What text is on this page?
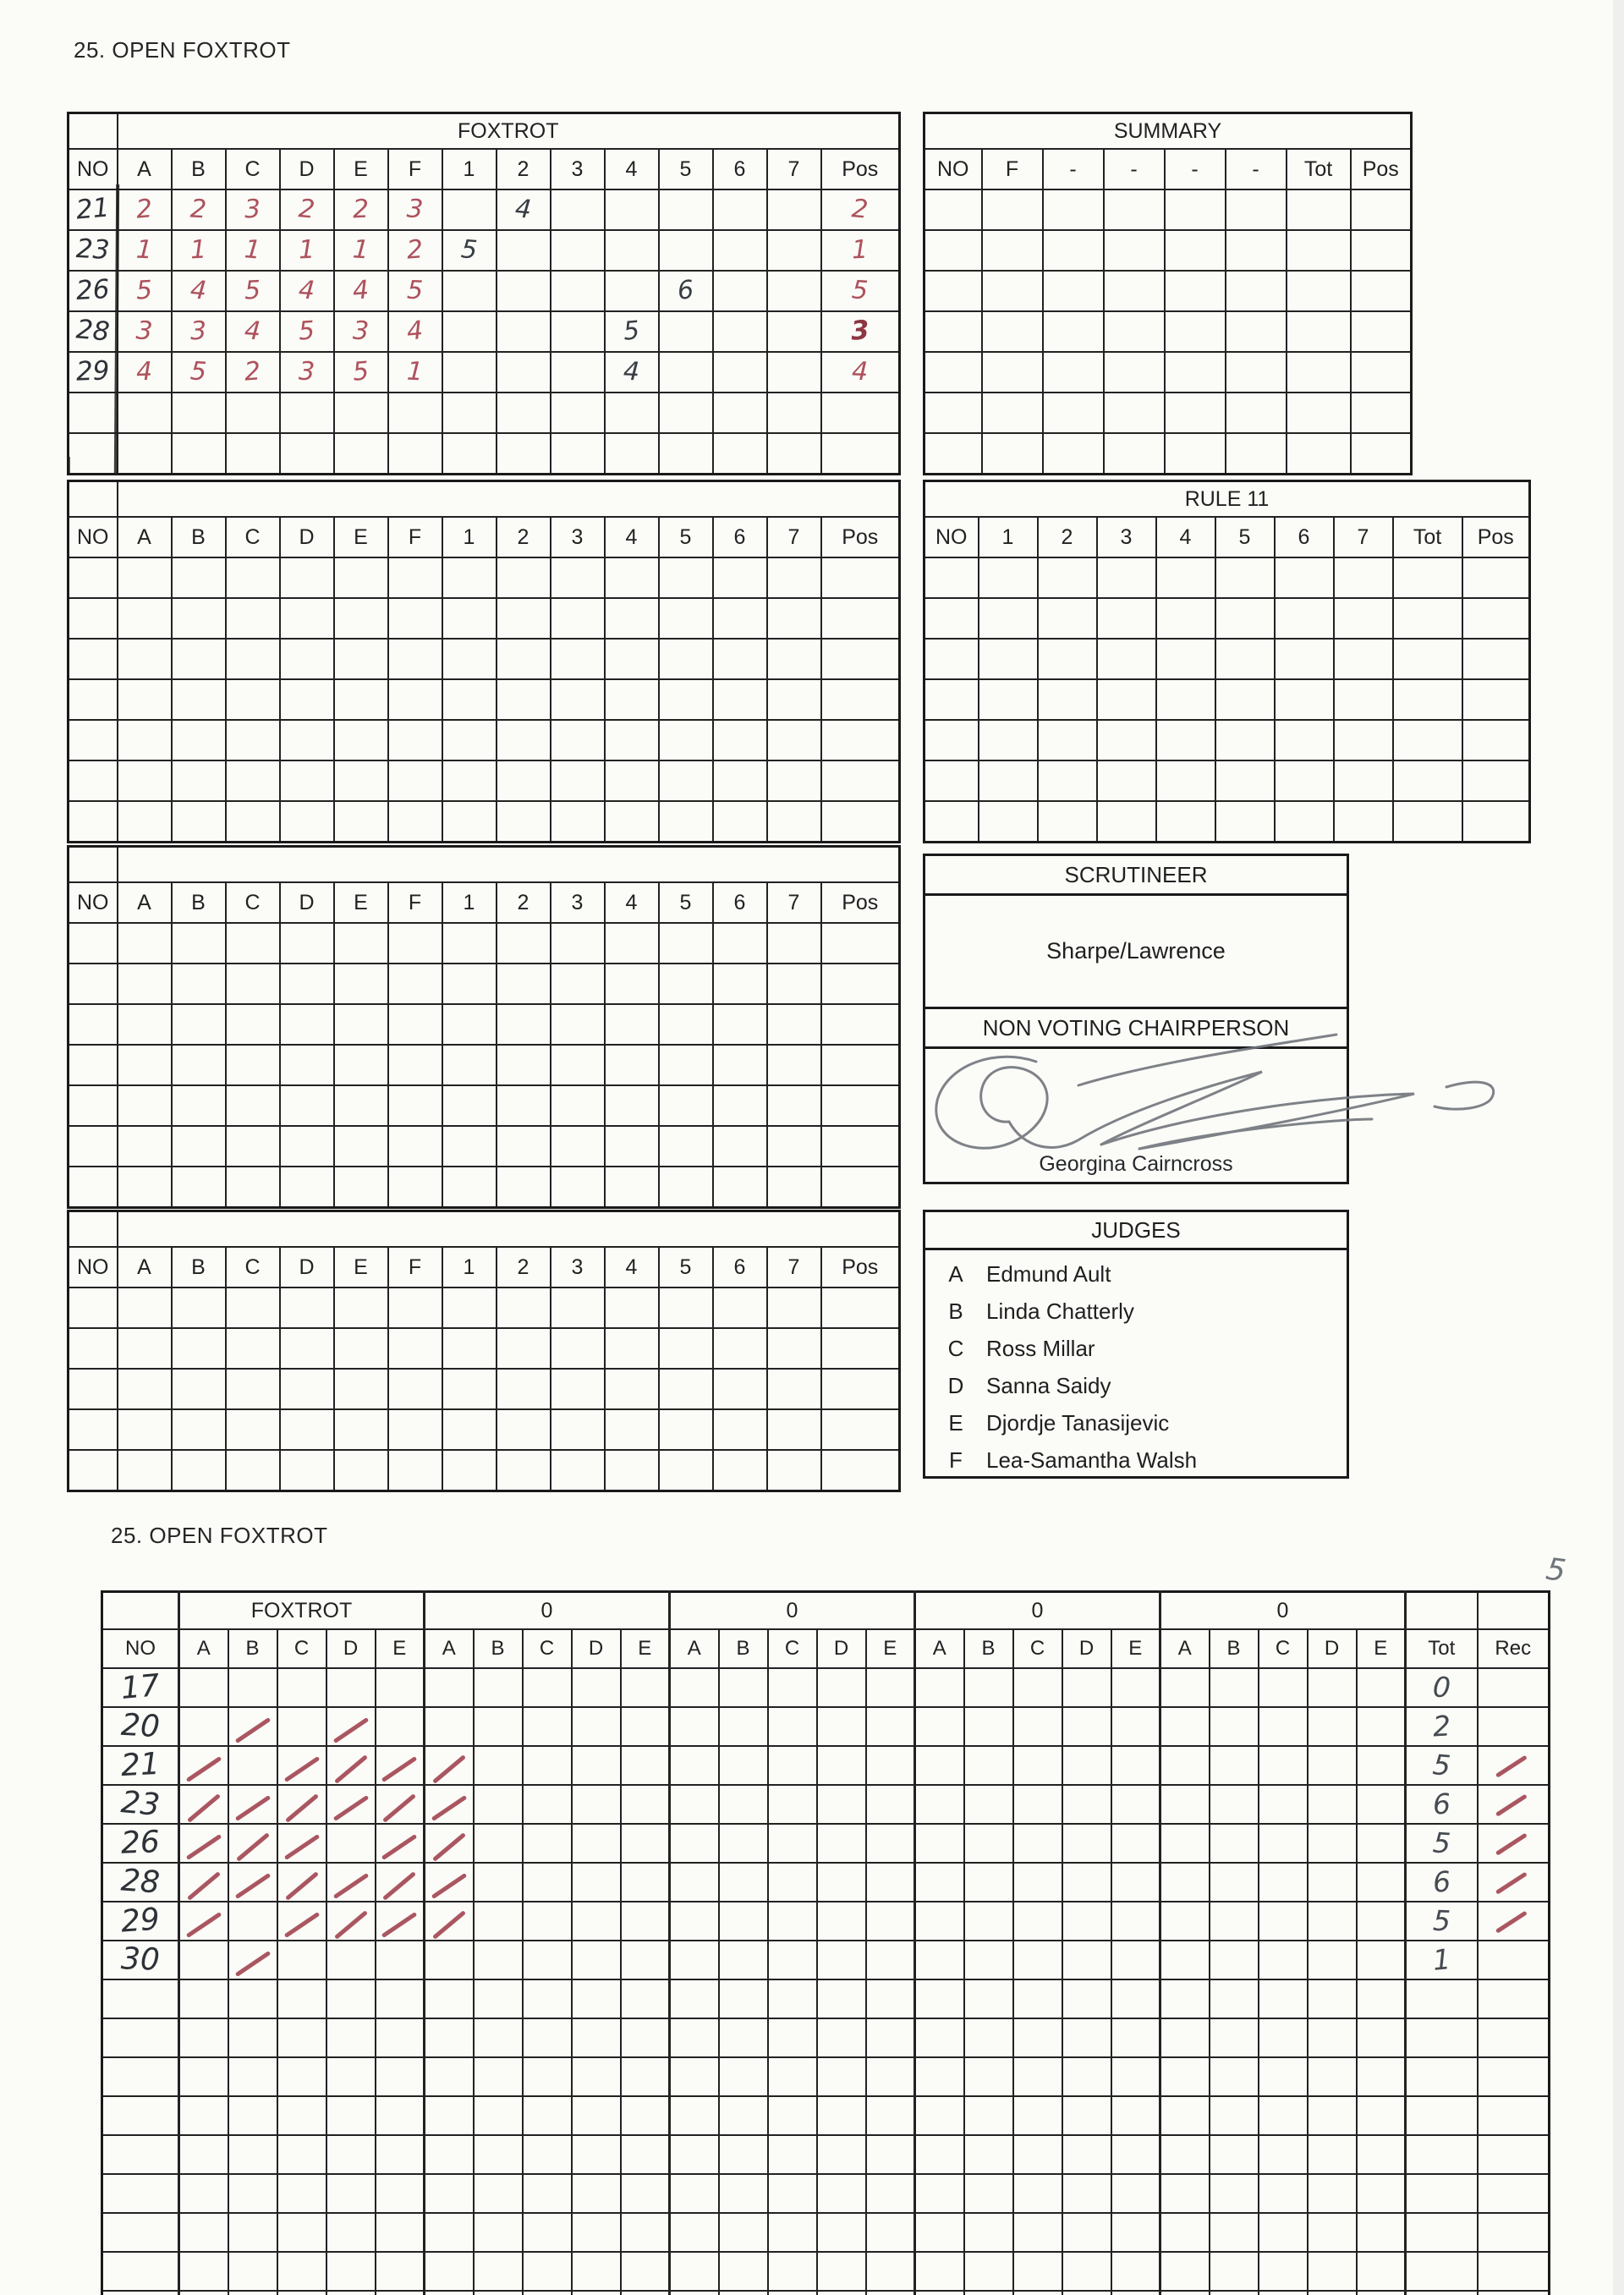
25. OPEN FOXTROT
	FOXTROT													
NO	A	B	C	D	E	F	1	2	3	4	5	6	7	Pos
21	2	2	3	2	2	3		4						2
23	1	1	1	1	1	2	5							1
26	5	4	5	4	4	5					6			5
28	3	3	4	5	3	4				5				3
29	4	5	2	3	5	1				4				4

SUMMARY							
NO	F	-	-	-	-	Tot	Pos

NO	A	B	C	D	E	F	1	2	3	4	5	6	7	Pos

RULE 11									
NO	1	2	3	4	5	6	7	Tot	Pos

NO	A	B	C	D	E	F	1	2	3	4	5	6	7	Pos

NO	A	B	C	D	E	F	1	2	3	4	5	6	7	Pos

SCRUTINEER
Sharpe/Lawrence
NON VOTING CHAIRPERSON
Georgina Cairncross
JUDGES
A	Edmund Ault
B	Linda Chatterly
C	Ross Millar
D	Sanna Saidy
E	Djordje Tanasijevic
F	Lea-Samantha Walsh
25. OPEN FOXTROT
5
	FOXTROT					0					0					0					0						
NO	A	B	C	D	E	A	B	C	D	E	A	B	C	D	E	A	B	C	D	E	A	B	C	D	E	Tot	Rec
17																										0	
20																										2	
21																										5	
23																										6	
26																										5	
28																										6	
29																										5	
30																										1	
